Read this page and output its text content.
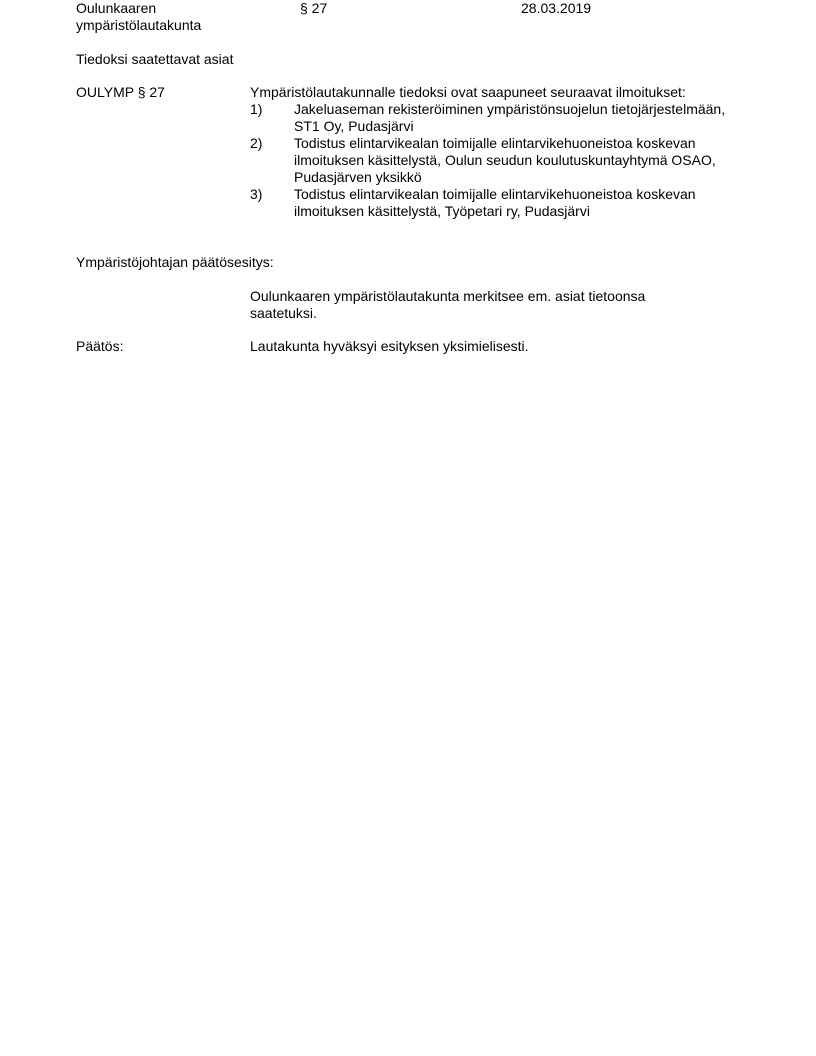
Oulunkaaren ympäristölautakunta
§ 27	28.03.2019
Tiedoksi saatettavat asiat
OULYMP § 27	Ympäristölautakunnalle tiedoksi ovat saapuneet seuraavat ilmoitukset:
1)	Jakeluaseman rekisteröiminen ympäristönsuojelun tietojärjestelmään, ST1 Oy, Pudasjärvi
2)	Todistus elintarvikealan toimijalle elintarvikehuoneistoa koskevan ilmoituksen käsittelystä, Oulun seudun koulutuskuntayhtymä OSAO, Pudasjärven yksikkö
3)	Todistus elintarvikealan toimijalle elintarvikehuoneistoa koskevan ilmoituksen käsittelystä, Työpetari ry, Pudasjärvi
Ympäristöjohtajan päätösesitys:
Oulunkaaren ympäristölautakunta merkitsee em. asiat tietoonsa saatetuksi.
Päätös:	Lautakunta hyväksyi esityksen yksimielisesti.
